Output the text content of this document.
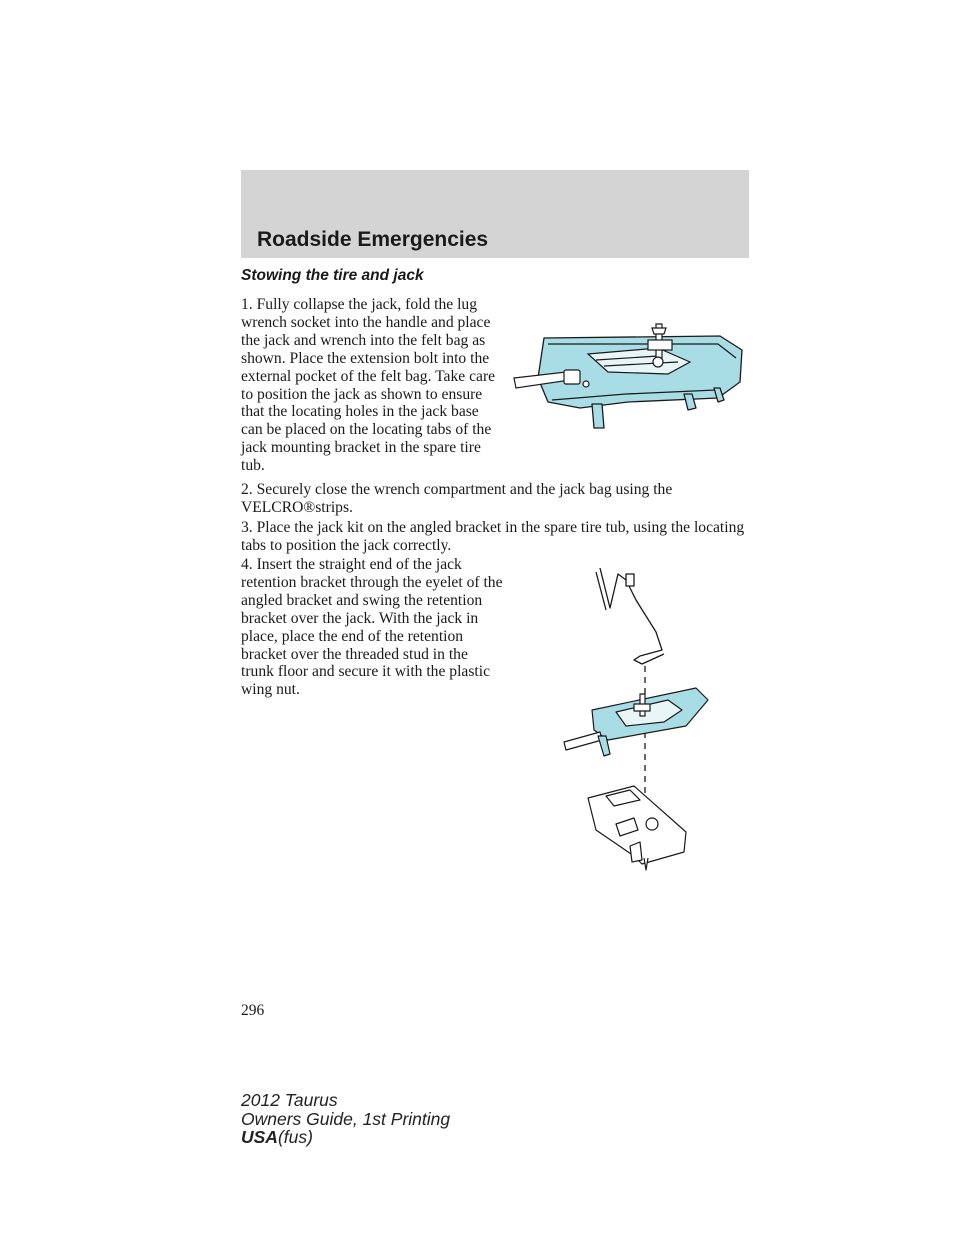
Roadside Emergencies
Stowing the tire and jack

1. Fully collapse the jack, fold the lug wrench socket into the handle and place the jack and wrench into the felt bag as shown. Place the extension bolt into the external pocket of the felt bag. Take care to position the jack as shown to ensure that the locating holes in the jack base can be placed on the locating tabs of the jack mounting bracket in the spare tire tub.

2. Securely close the wrench compartment and the jack bag using the VELCRO®strips.

3. Place the jack kit on the angled bracket in the spare tire tub, using the locating tabs to position the jack correctly.

4. Insert the straight end of the jack retention bracket through the eyelet of the angled bracket and swing the retention bracket over the jack. With the jack in place, place the end of the retention bracket over the threaded stud in the trunk floor and secure it with the plastic wing nut.

296
2012 Taurus
Owners Guide, 1st Printing
USA(fus)
